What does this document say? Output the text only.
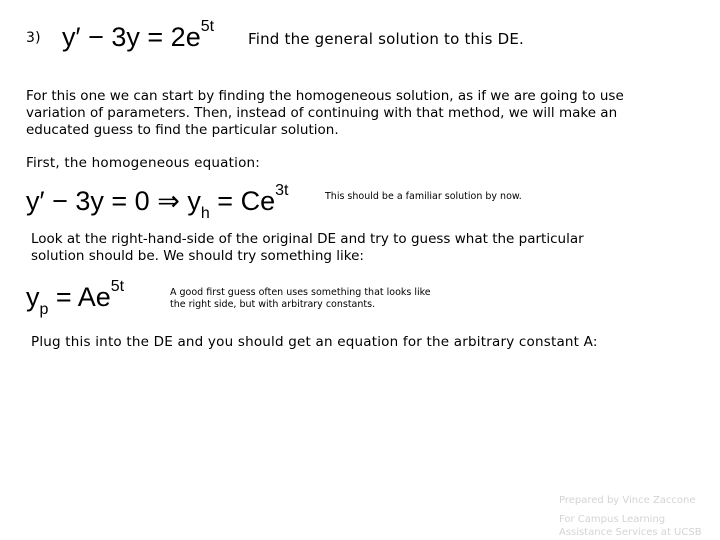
3) $y' - 3y = 2e^{5t}$
Find the general solution to this DE.
For this one we can start by finding the homogeneous solution, as if we are going to use variation of parameters. Then, instead of continuing with that method, we will make an educated guess to find the particular solution.
First, the homogeneous equation:
y′ − 3y = 0 ⇒ $y_h = Ce^{3t}$	This should be a familiar solution by now.
Look at the right-hand-side of the original DE and try to guess what the particular solution should be. We should try something like:
$y_p = Ae^{5t}$	A good first guess often uses something that looks like the right side, but with arbitrary constants.
Plug this into the DE and you should get an equation for the arbitrary constant A:
Prepared by Vince Zaccone
For Campus Learning Assistance Services at UCSB
